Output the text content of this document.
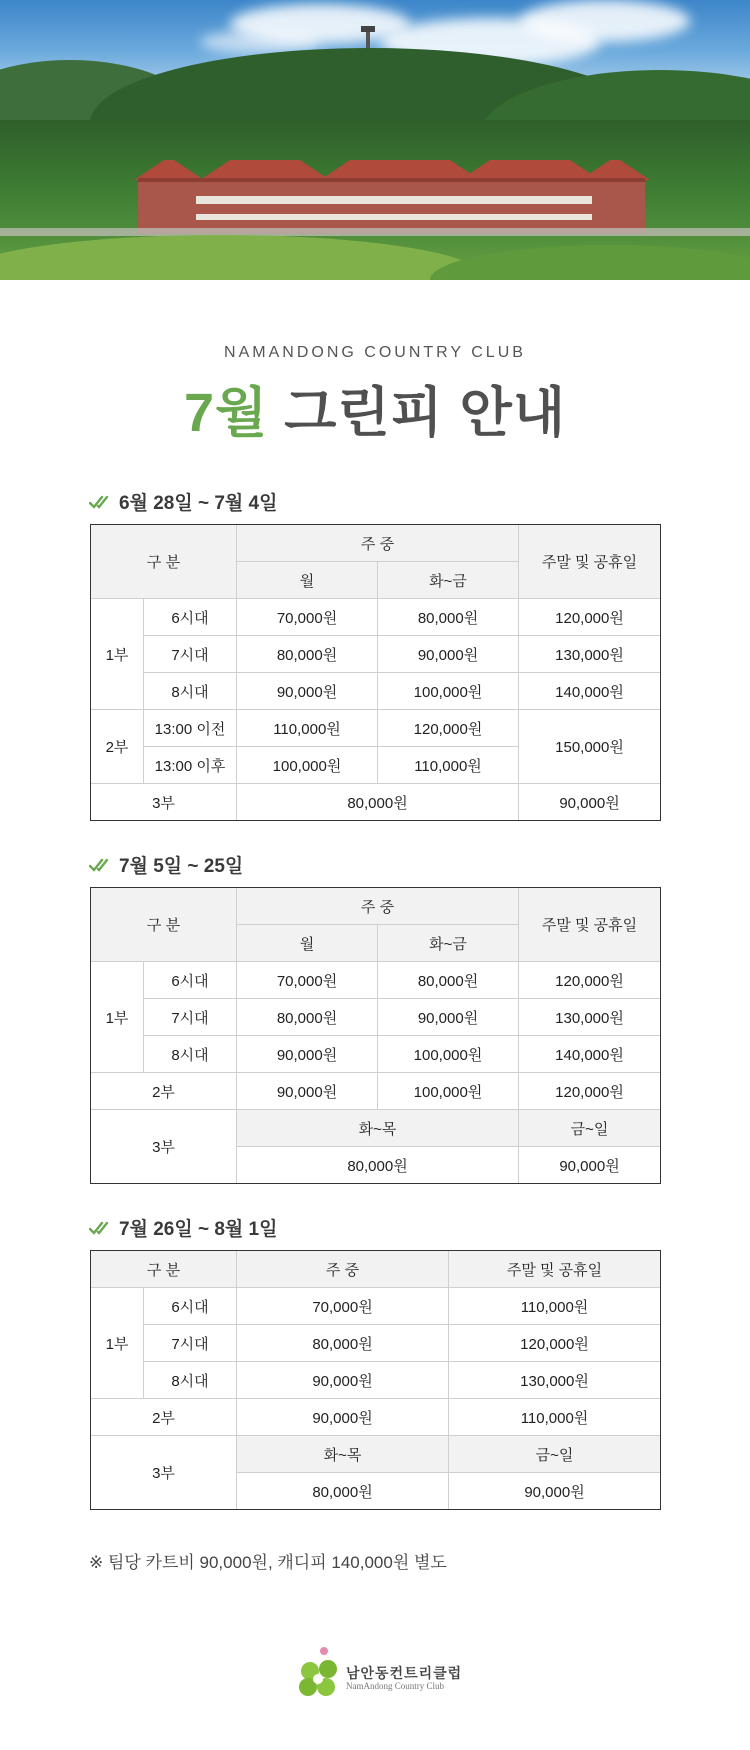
NAMANDONG COUNTRY CLUB
7월 그린피 안내
6월 28일 ~ 7월 4일
구 분		주 중		주말 및 공휴일
		월	화~금	
1부	6시대	70,000원	80,000원	120,000원
	7시대	80,000원	90,000원	130,000원
	8시대	90,000원	100,000원	140,000원
2부	13:00 이전	110,000원	120,000원	150,000원
	13:00 이후	100,000원	110,000원	
3부		80,000원		90,000원
7월 5일 ~ 25일
구 분		주 중		주말 및 공휴일
		월	화~금	
1부	6시대	70,000원	80,000원	120,000원
	7시대	80,000원	90,000원	130,000원
	8시대	90,000원	100,000원	140,000원
2부		90,000원	100,000원	120,000원
3부		화~목		금~일
		80,000원		90,000원
7월 26일 ~ 8월 1일
구 분		주 중	주말 및 공휴일
1부	6시대	70,000원	110,000원
	7시대	80,000원	120,000원
	8시대	90,000원	130,000원
2부		90,000원	110,000원
3부		화~목	금~일
		80,000원	90,000원
※ 팀당 카트비 90,000원, 캐디피 140,000원 별도
남안동컨트리클럽
NamAndong Country Club
